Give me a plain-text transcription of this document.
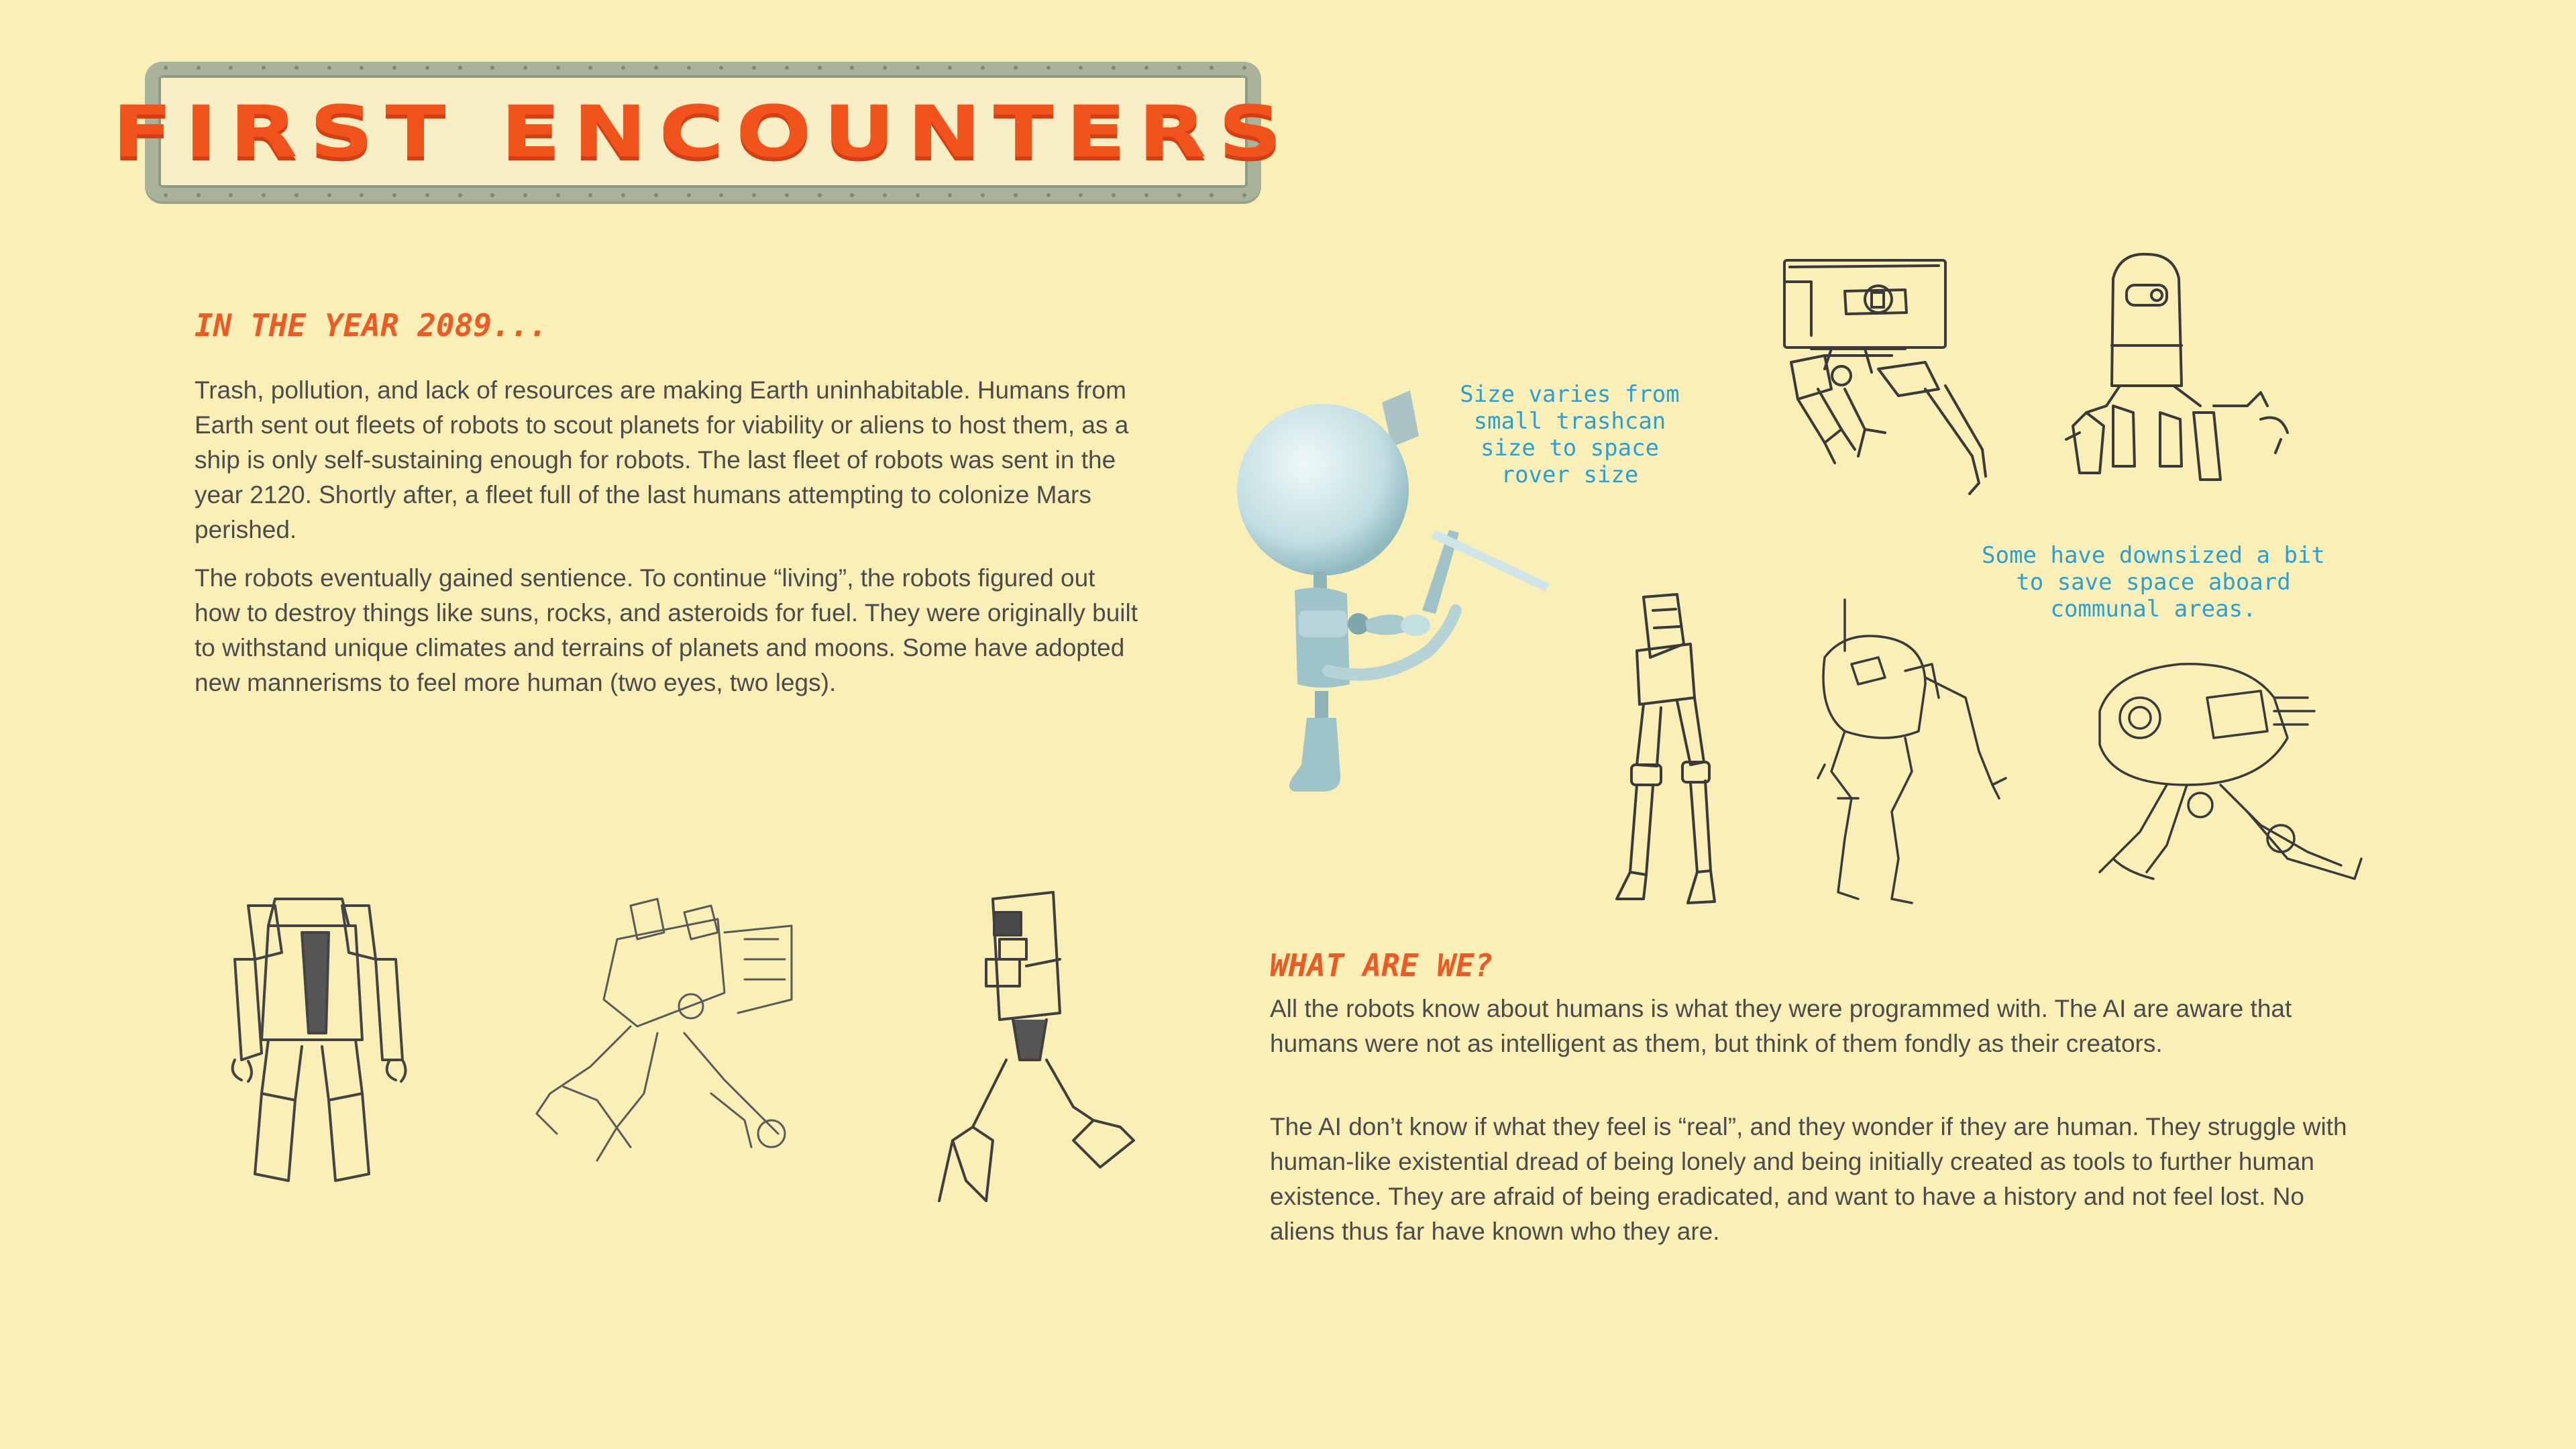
FIRST ENCOUNTERS
IN THE YEAR 2089...

Trash, pollution, and lack of resources are making Earth uninhabitable. Humans from Earth sent out fleets of robots to scout planets for viability or aliens to host them, as a ship is only self-sustaining enough for robots. The last fleet of robots was sent in the year 2120. Shortly after, a fleet full of the last humans attempting to colonize Mars perished.

The robots eventually gained sentience. To continue “living”, the robots figured out how to destroy things like suns, rocks, and asteroids for fuel. They were originally built to withstand unique climates and terrains of planets and moons. Some have adopted new mannerisms to feel more human (two eyes, two legs).

WHAT ARE WE?

All the robots know about humans is what they were programmed with. The AI are aware that humans were not as intelligent as them, but think of them fondly as their creators.

The AI don’t know if what they feel is “real”, and they wonder if they are human. They struggle with human-like existential dread of being lonely and being initially created as tools to further human existence. They are afraid of being eradicated, and want to have a history and not feel lost. No aliens thus far have known who they are.

Size varies from small trashcan size to space rover size
Some have downsized a bit to save space aboard communal areas.
